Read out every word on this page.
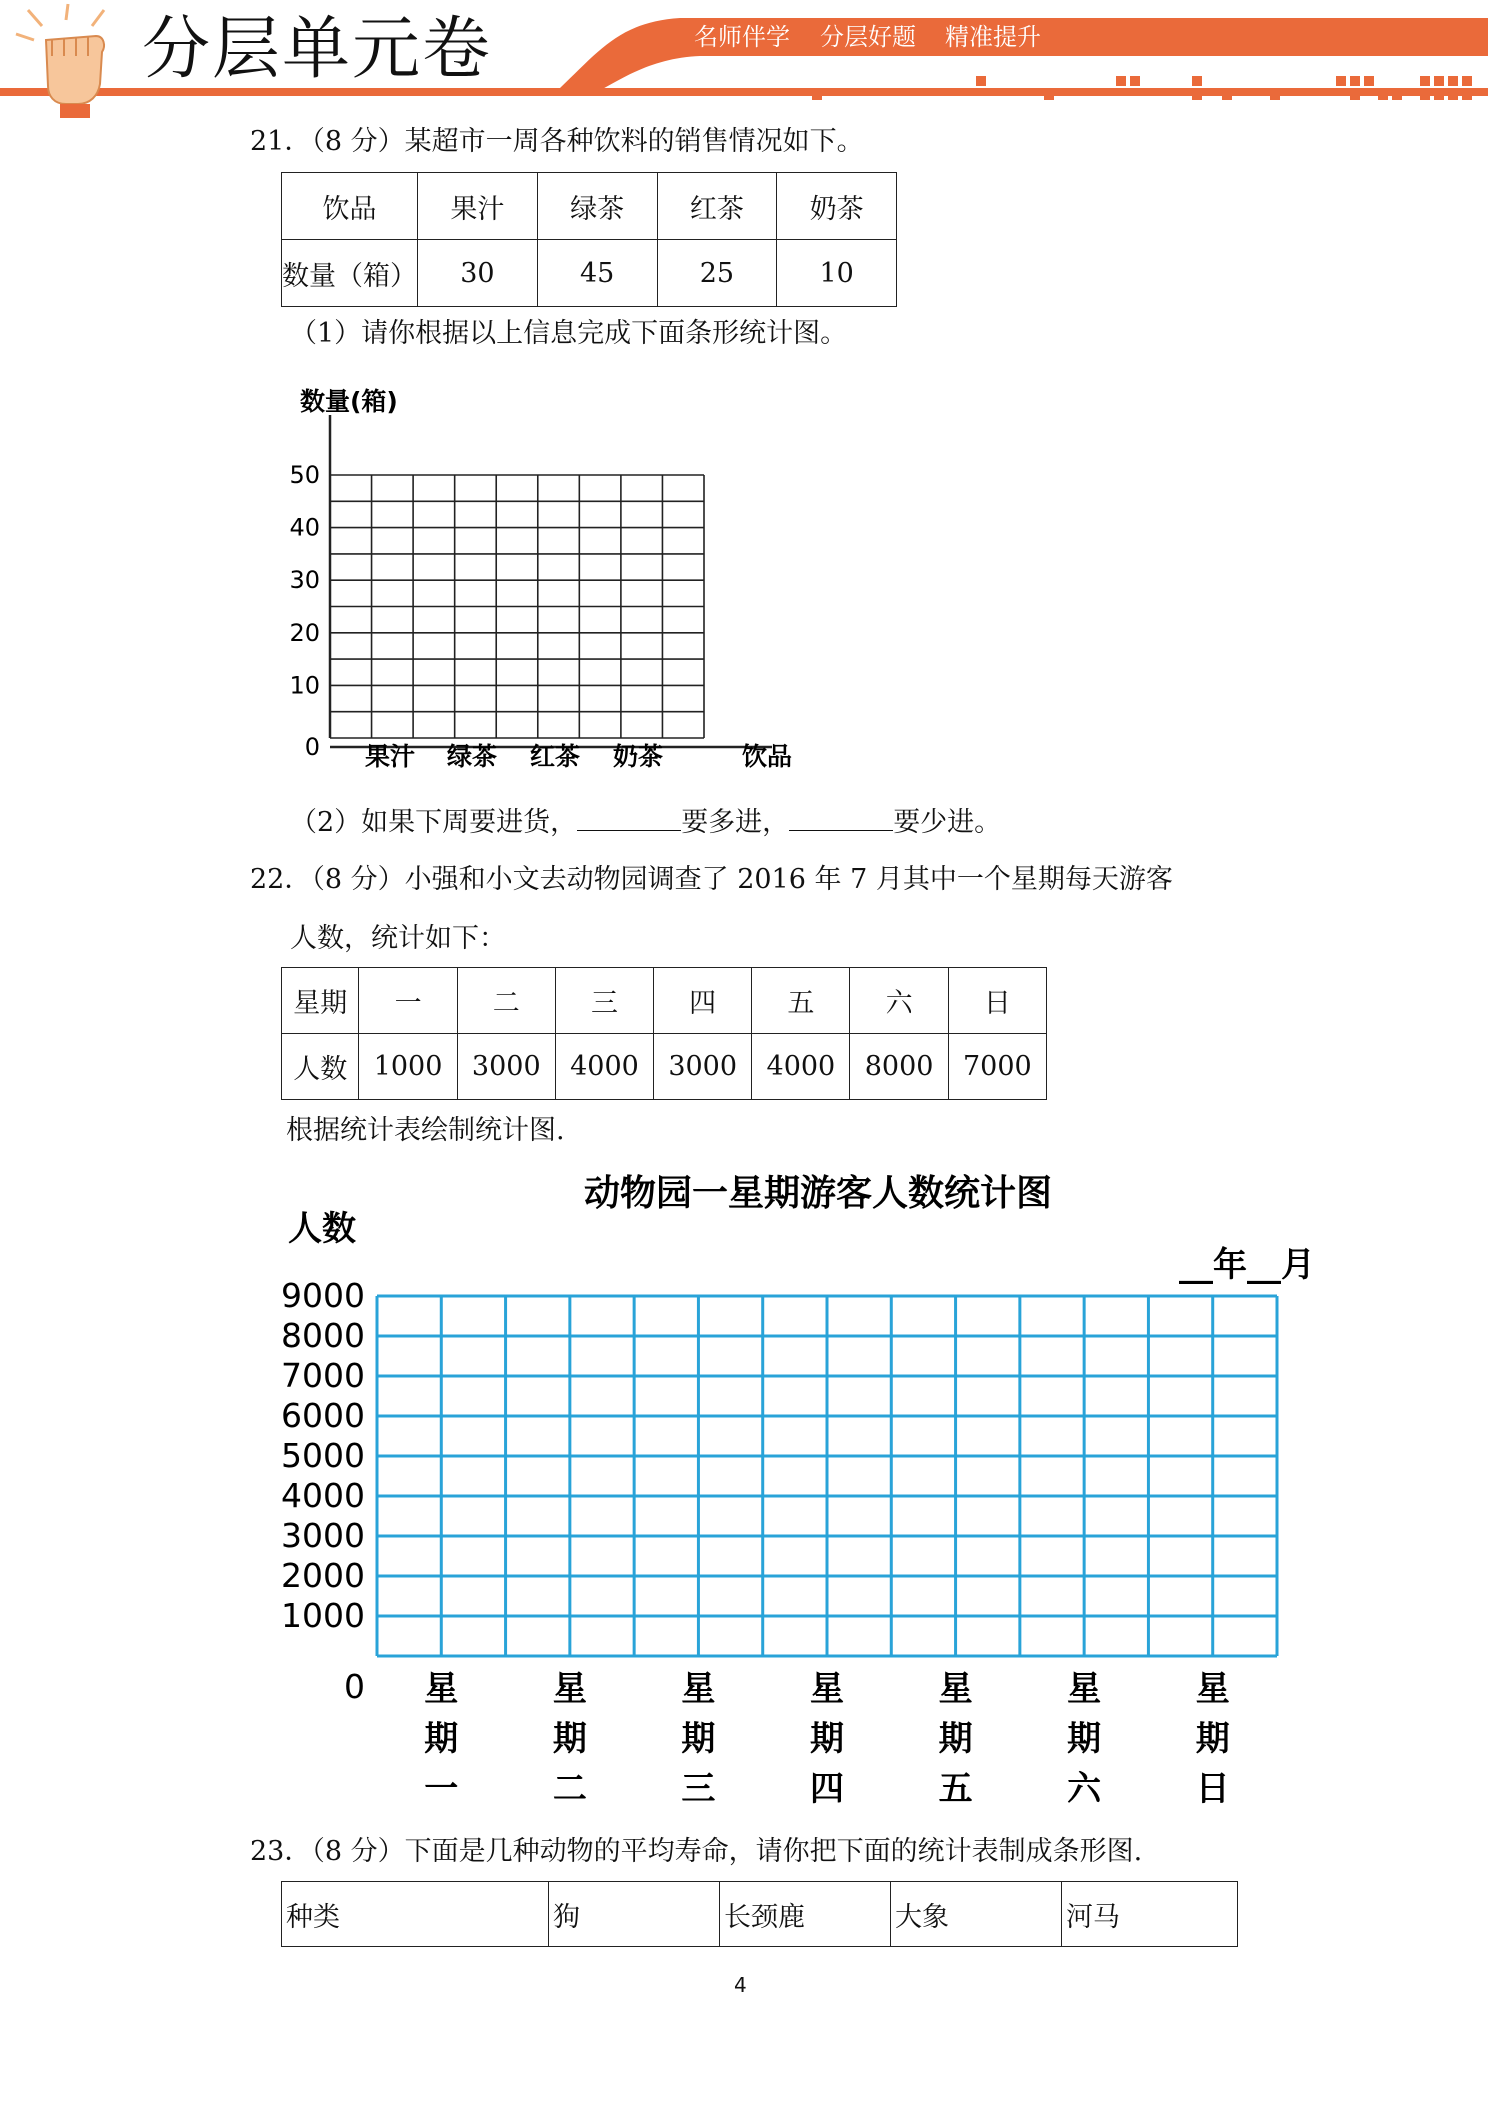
分层单元卷	名师伴学 分层好题 精准提升
21．（8 分）某超市一周各种饮料的销售情况如下。
饮品	果汁	绿茶	红茶	奶茶
数量（箱）	30	45	25	10
（1）请你根据以上信息完成下面条形统计图。
数量(箱)
0
10
20
30
40
50
果汁 绿茶 红茶 奶茶	饮品
（2）如果下周要进货，	要多进，	要少进。
22．（8 分）小强和小文去动物园调查了 2016 年 7 月其中一个星期每天游客
人数，统计如下：
星期	一	二	三	四	五	六	日
人数	1000	3000	4000	3000	4000	8000	7000
根据统计表绘制统计图.
动物园一星期游客人数统计图
人数
__年__月
0
1000
2000
3000
4000
5000
6000
7000
8000
9000
星
期
一
星
期
二
星
期
三
星
期
四
星
期
五
星
期
六
星
期
日
23．（8 分）下面是几种动物的平均寿命，请你把下面的统计表制成条形图.
种类	狗	长颈鹿	大象	河马
4
